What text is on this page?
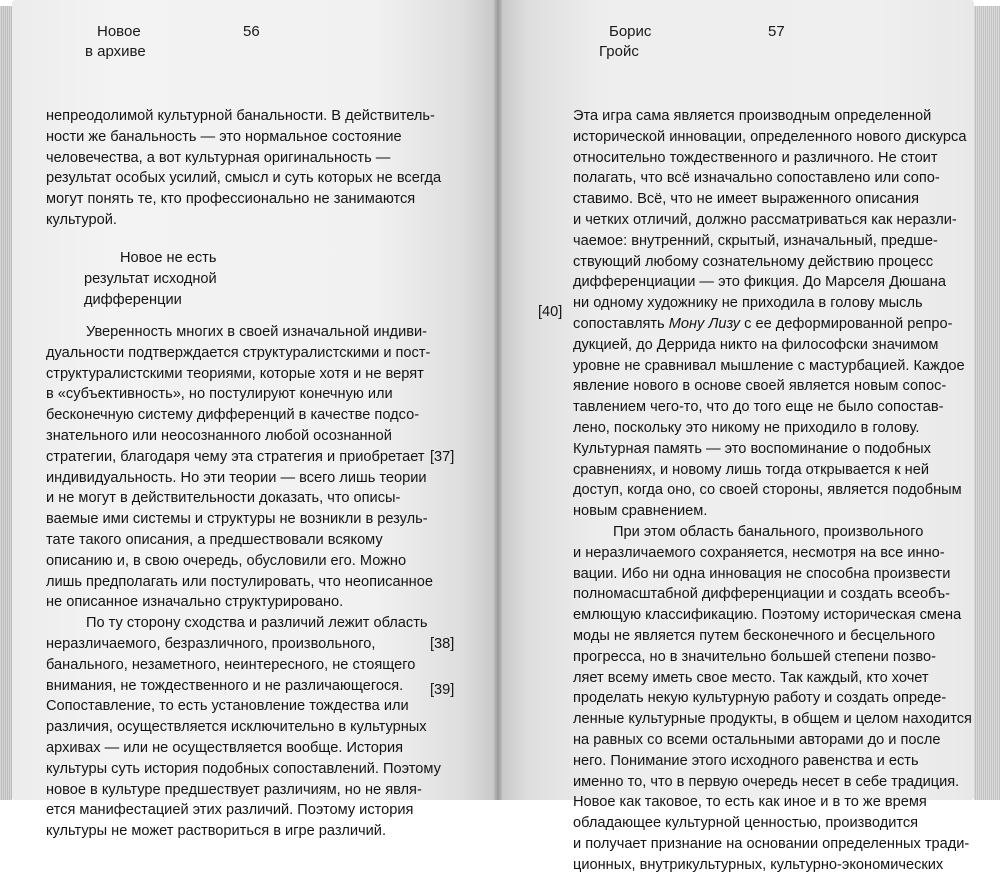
Новое
в архиве
56
непреодолимой культурной банальности. В действитель-
ности же банальность — это нормальное состояние
человечества, а вот культурная оригинальность —
результат особых усилий, смысл и суть которых не всегда
могут понять те, кто профессионально не занимаются
культурой.
Новое не есть
результат исходной
дифференции
Уверенность многих в своей изначальной индиви-
дуальности подтверждается структуралистскими и пост-
структуралистскими теориями, которые хотя и не верят
в «субъективность», но постулируют конечную или
бесконечную систему дифференций в качестве подсо-
знательного или неосознанного любой осознанной
стратегии, благодаря чему эта стратегия и приобретает
индивидуальность. Но эти теории — всего лишь теории
и не могут в действительности доказать, что описы-
ваемые ими системы и структуры не возникли в резуль-
тате такого описания, а предшествовали всякому
описанию и, в свою очередь, обусловили его. Можно
лишь предполагать или постулировать, что неописанное
не описанное изначально структурировано.
По ту сторону сходства и различий лежит область
неразличаемого, безразличного, произвольного,
банального, незаметного, неинтересного, не стоящего
внимания, не тождественного и не различающегося.
Сопоставление, то есть установление тождества или
различия, осуществляется исключительно в культурных
архивах — или не осуществляется вообще. История
культуры суть история подобных сопоставлений. Поэтому
новое в культуре предшествует различиям, но не явля-
ется манифестацией этих различий. Поэтому история
культуры не может раствориться в игре различий.
[37]
[38]
[39]
Борис
Гройс
57
Эта игра сама является производным определенной
исторической инновации, определенного нового дискурса
относительно тождественного и различного. Не стоит
полагать, что всё изначально сопоставлено или сопо-
ставимо. Всё, что не имеет выраженного описания
и четких отличий, должно рассматриваться как неразли-
чаемое: внутренний, скрытый, изначальный, предше-
ствующий любому сознательному действию процесс
дифференциации — это фикция. До Марселя Дюшана
ни одному художнику не приходила в голову мысль
сопоставлять Мону Лизу с ее деформированной репро-
дукцией, до Деррида никто на философски значимом
уровне не сравнивал мышление с мастурбацией. Каждое
явление нового в основе своей является новым сопос-
тавлением чего-то, что до того еще не было сопостав-
лено, поскольку это никому не приходило в голову.
Культурная память — это воспоминание о подобных
сравнениях, и новому лишь тогда открывается к ней
доступ, когда оно, со своей стороны, является подобным
новым сравнением.
При этом область банального, произвольного
и неразличаемого сохраняется, несмотря на все инно-
вации. Ибо ни одна инновация не способна произвести
полномасштабной дифференциации и создать всеобъ-
емлющую классификацию. Поэтому историческая смена
моды не является путем бесконечного и бесцельного
прогресса, но в значительно большей степени позво-
ляет всему иметь свое место. Так каждый, кто хочет
проделать некую культурную работу и создать опреде-
ленные культурные продукты, в общем и целом находится
на равных со всеми остальными авторами до и после
него. Понимание этого исходного равенства и есть
именно то, что в первую очередь несет в себе традиция.
Новое как таковое, то есть как иное и в то же время
обладающее культурной ценностью, производится
и получает признание на основании определенных тради-
ционных, внутрикультурных, культурно-экономических
[40]
